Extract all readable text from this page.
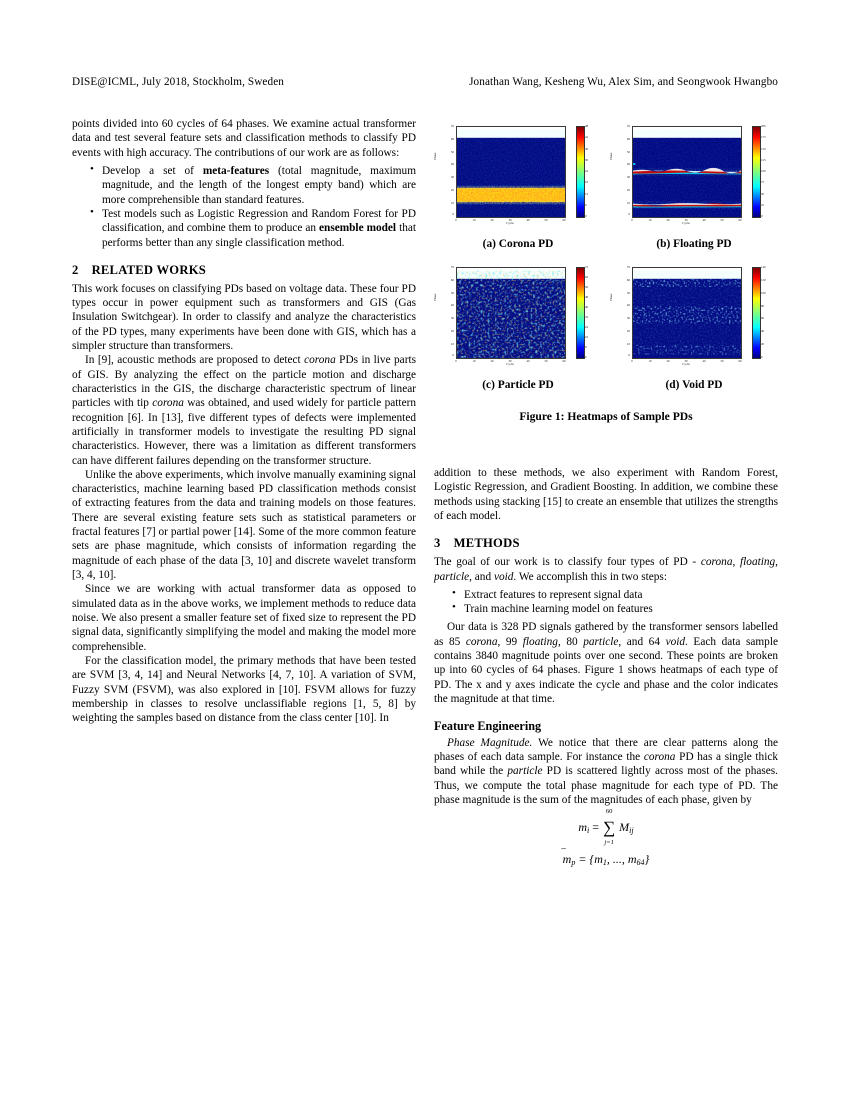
DISE@ICML, July 2018, Stockholm, Sweden	Jonathan Wang, Kesheng Wu, Alex Sim, and Seongwook Hwangbo

points divided into 60 cycles of 64 phases. We examine actual transformer data and test several feature sets and classification methods to classify PD events with high accuracy. The contributions of our work are as follows:

• Develop a set of meta-features (total magnitude, maximum magnitude, and the length of the longest empty band) which are more comprehensible than standard features.
• Test models such as Logistic Regression and Random Forest for PD classification, and combine them to produce an ensemble model that performs better than any single classification method.
2 RELATED WORKS

This work focuses on classifying PDs based on voltage data. These four PD types occur in power equipment such as transformers and GIS (Gas Insulation Switchgear). In order to classify and analyze the characteristics of the PD types, many experiments have been done with GIS, which has a simpler structure than transformers.

In [9], acoustic methods are proposed to detect corona PDs in live parts of GIS. By analyzing the effect on the particle motion and discharge characteristics in the GIS, the discharge characteristic spectrum of linear particles with tip corona was obtained, and used widely for particle pattern recognition [6]. In [13], five different types of defects were implemented artificially in transformer models to investigate the resulting PD signal characteristics. However, there was a limitation as different transformers can have different failures depending on the transformer structure.

Unlike the above experiments, which involve manually examining signal characteristics, machine learning based PD classification methods consist of extracting features from the data and training models on those features. There are several existing feature sets such as statistical parameters or fractal features [7] or partial power [14]. Some of the more common feature sets are phase magnitude, which consists of information regarding the magnitude of each phase of the data [3, 10] and discrete wavelet transform [3, 4, 10].

Since we are working with actual transformer data as opposed to simulated data as in the above works, we implement methods to reduce data noise. We also present a smaller feature set of fixed size to represent the PD signal data, significantly simplifying the model and making the model more comprehensible.

For the classification model, the primary methods that have been tested are SVM [3, 4, 14] and Neural Networks [4, 7, 10]. A variation of SVM, Fuzzy SVM (FSVM), was also explored in [10]. FSVM allows for fuzzy membership in classes to resolve unclassifiable regions [1, 5, 8] by weighting the samples based on distance from the class center [10]. In

Phase
Cycle
70
60
50
40
30
20
10
0
0	10	20	30	40	50	60
0
6
12
18
24
30
36
42
48
(a) Corona PD
Phase
Cycle
70
60
50
40
30
20
10
0
0	10	20	30	40	50	60
0
25
50
75
100
125
150
175
200
(b) Floating PD
Phase
Cycle
70
60
50
40
30
20
10
0
0	10	20	30	40	50	60
0
8
16
24
32
40
48
56
64
72
(c) Particle PD
Phase
Cycle
70
60
50
40
30
20
10
0
0	10	20	30	40	50	60
0
20
40
60
80
100
120
140
(d) Void PD
Figure 1: Heatmaps of Sample PDs

addition to these methods, we also experiment with Random Forest, Logistic Regression, and Gradient Boosting. In addition, we combine these methods using stacking [15] to create an ensemble that utilizes the strengths of each model.

3 METHODS

The goal of our work is to classify four types of PD - corona, floating, particle, and void. We accomplish this in two steps:

• Extract features to represent signal data
• Train machine learning model on features

Our data is 328 PD signals gathered by the transformer sensors labelled as 85 corona, 99 floating, 80 particle, and 64 void. Each data sample contains 3840 magnitude points over one second. These points are broken up into 60 cycles of 64 phases. Figure 1 shows heatmaps of each type of PD. The x and y axes indicate the cycle and phase and the color indicates the magnitude at that time.

Feature Engineering

Phase Magnitude. We notice that there are clear patterns along the phases of each data sample. For instance the corona PD has a single thick band while the particle PD is scattered lightly across most of the phases. Thus, we compute the total phase magnitude for each type of PD. The phase magnitude is the sum of the magnitudes of each phase, given by

$m_i$ = ∑
60
j=1
$M_{ij}$
$m_p = \{m_1$, ..., $m_{64}$}
